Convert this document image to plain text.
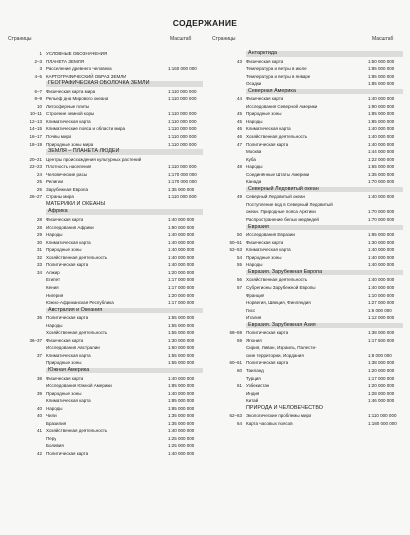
СОДЕРЖАНИЕ
Страницы	Масштаб	Страницы	Масштаб
1 УСЛОВНЫЕ ОБОЗНАЧЕНИЯ
2–3 ПЛАНЕТА ЗЕМЛЯ
3 Расселение древнего человека	1:160 000 000
4–5 КАРТОГРАФИЧЕСКИЙ ОБРАЗ ЗЕМЛИ
ГЕОГРАФИЧЕСКАЯ ОБОЛОЧКА ЗЕМЛИ
6–7 Физическая карта мира	1:110 000 000
8–9 Рельеф дна Мирового океана	1:110 000 000
10 Литосферные плиты
10–11 Строение земной коры	1:110 000 000
12–13 Климатическая карта	1:110 000 000
14–15 Климатические пояса и области мира	1:110 000 000
16–17 Почвы мира	1:110 000 000
18–19 Природные зоны мира	1:110 000 000
ЗЕМЛЯ – ПЛАНЕТА ЛЮДЕЙ
20–21 Центры происхождения культурных растений
22–23 Плотность населения	1:110 000 000
24 Человеческие расы	1:170 000 000
25 Религии	1:170 000 000
25 Зарубежная Европа	1:35 000 000
26–27 Страны мира	1:110 000 000
МАТЕРИКИ И ОКЕАНЫ
Африка
28 Физическая карта	1:40 000 000
28 Исследования Африки	1:90 000 000
29 Народы	1:40 000 000
30 Климатическая карта	1:40 000 000
31 Природные зоны	1:40 000 000
32 Хозяйственная деятельность	1:40 000 000
33 Политическая карта	1:40 000 000
34 Алжир	1:20 000 000
Египет	1:17 000 000
Кения	1:17 000 000
Нигерия	1:20 000 000
Южно-Африканская Республика	1:17 000 000
Австралия и Океания
35 Политическая карта	1:55 000 000
Народы	1:55 000 000
Хозяйственная деятельность	1:55 000 000
36–37 Физическая карта	1:30 000 000
Исследования Австралии	1:60 000 000
37 Климатическая карта	1:55 000 000
Природные зоны	1:55 000 000
Южная Америка
38 Физическая карта	1:40 000 000
Исследования Южной Америки	1:85 000 000
39 Природные зоны	1:40 000 000
Климатическая карта	1:85 000 000
40 Народы	1:85 000 000
40 Чили	1:35 000 000
Бразилия	1:35 000 000
41 Хозяйственная деятельность	1:40 000 000
Перу	1:25 000 000
Боливия	1:25 000 000
42 Политическая карта	1:40 000 000
Антарктида
43 Физическая карта	1:50 000 000
Температура и ветры в июле	1:85 000 000
Температура и ветры в январе	1:85 000 000
Осадки	1:85 000 000
Северная Америка
44 Физическая карта	1:40 000 000
Исследования Северной Америки	1:90 000 000
45 Природные зоны	1:85 000 000
45 Народы	1:85 000 000
46 Климатическая карта	1:40 000 000
46 Хозяйственная деятельность	1:40 000 000
47 Политическая карта	1:40 000 000
Москва	1:44 000 000
Куба	1:22 000 000
48 Народы	1:65 000 000
Соединённые Штаты Америки	1:35 000 000
Канада	1:70 000 000
Северный Ледовитый океан
49 Северный Ледовитый океан	1:40 000 000
Поступление вод в Северный Ледовитый
океан. Природные пояса Арктики	1:70 000 000
Распространение белых медведей	1:70 000 000
Евразия
50 Исследования Евразии	1:95 000 000
50–51 Физическая карта	1:30 000 000
52–53 Климатическая карта	1:40 000 000
54 Природные зоны	1:40 000 000
55 Народы	1:40 000 000
Евразия. Зарубежная Европа
56 Хозяйственная деятельность	1:40 000 000
57 Субрегионы Зарубежной Европы	1:40 000 000
Франция	1:10 000 000
Норвегия, Швеция, Финляндия	1:27 000 000
Гисс	1:6 000 000
Италия	1:12 000 000
Евразия. Зарубежная Азия
58–59 Политическая карта	1:38 000 000
59 Япония	1:17 500 000
Сирия, Ливан, Израиль, Палести-
ские территории, Иордания	1:8 000 000
60–61 Политическая карта	1:38 000 000
60 Таиланд	1:20 000 000
Турция	1:17 000 000
61 Узбекистан	1:20 000 000
Индия	1:28 000 000
Китай	1:46 000 000
ПРИРОДА И ЧЕЛОВЕЧЕСТВО
62–63 Экологические проблемы мира	1:110 000 000
64 Карта часовых поясов	1:180 000 000
